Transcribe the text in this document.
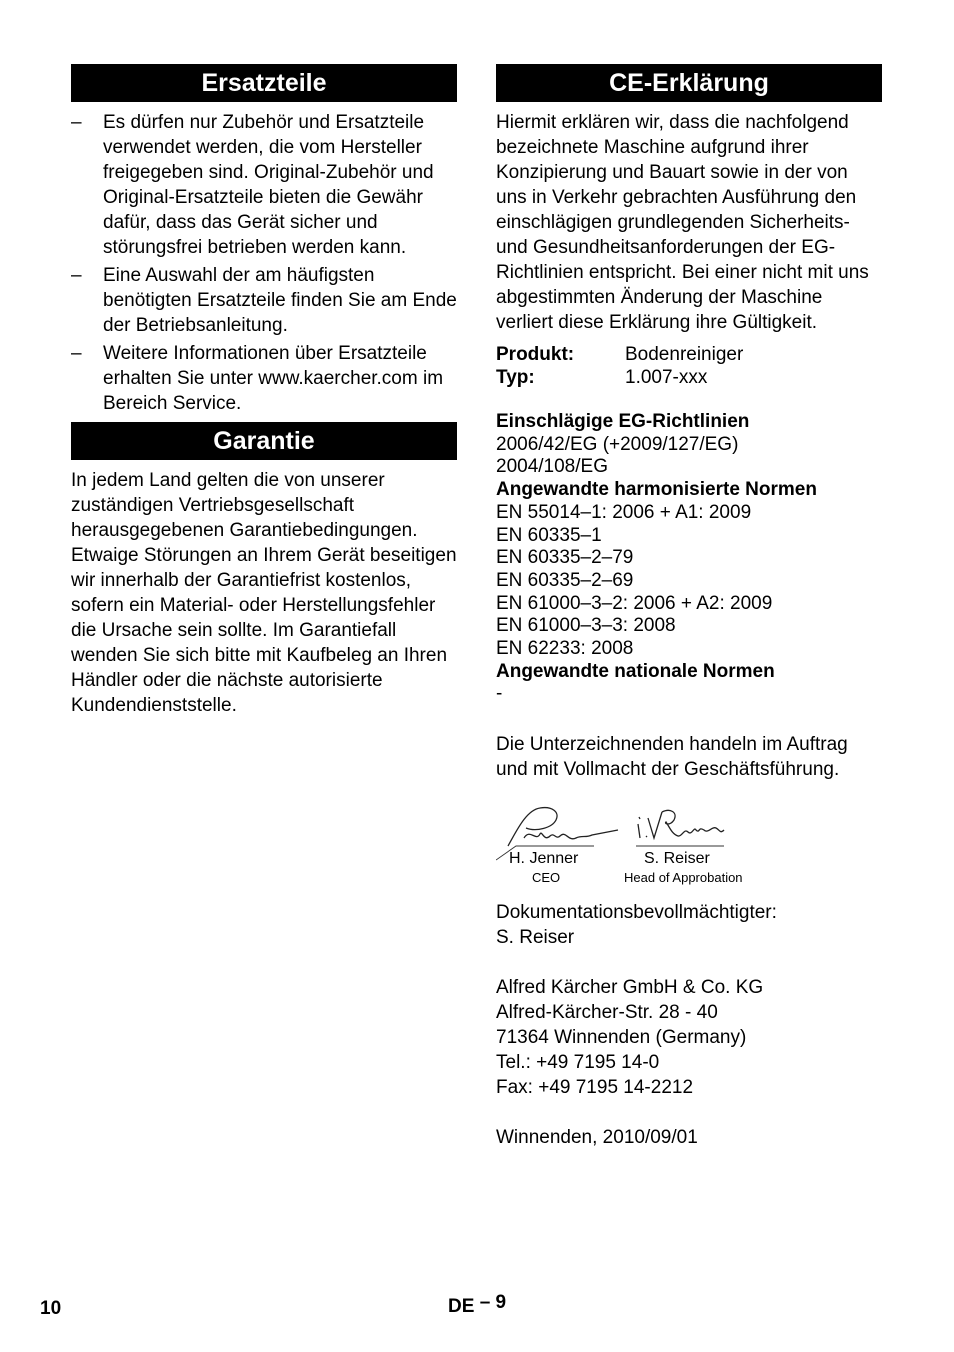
Ersatzteile
– Es dürfen nur Zubehör und Ersatzteile verwendet werden, die vom Hersteller freigegeben sind. Original-Zubehör und Original-Ersatzteile bieten die Gewähr dafür, dass das Gerät sicher und störungsfrei betrieben werden kann.
– Eine Auswahl der am häufigsten benötigten Ersatzteile finden Sie am Ende der Betriebsanleitung.
– Weitere Informationen über Ersatzteile erhalten Sie unter www.kaercher.com im Bereich Service.
Garantie

In jedem Land gelten die von unserer zuständigen Vertriebsgesellschaft herausgegebenen Garantiebedingungen. Etwaige Störungen an Ihrem Gerät beseitigen wir innerhalb der Garantiefrist kostenlos, sofern ein Material- oder Herstellungsfehler die Ursache sein sollte. Im Garantiefall wenden Sie sich bitte mit Kaufbeleg an Ihren Händler oder die nächste autorisierte Kundendienststelle.

CE-Erklärung

Hiermit erklären wir, dass die nachfolgend bezeichnete Maschine aufgrund ihrer Konzipierung und Bauart sowie in der von uns in Verkehr gebrachten Ausführung den einschlägigen grundlegenden Sicherheits- und Gesundheitsanforderungen der EG-Richtlinien entspricht. Bei einer nicht mit uns abgestimmten Änderung der Maschine verliert diese Erklärung ihre Gültigkeit.

Produkt:	Bodenreiniger
Typ:	1.007-xxx
Einschlägige EG-Richtlinien
2006/42/EG (+2009/127/EG)
2004/108/EG
Angewandte harmonisierte Normen
EN 55014–1: 2006 + A1: 2009
EN 60335–1
EN 60335–2–79
EN 60335–2–69
EN 61000–3–2: 2006 + A2: 2009
EN 61000–3–3: 2008
EN 62233: 2008
Angewandte nationale Normen
-

Die Unterzeichnenden handeln im Auftrag und mit Vollmacht der Geschäftsführung.

H. Jenner
CEO
S. Reiser
Head of Approbation

Dokumentationsbevollmächtigter:

S. Reiser

Alfred Kärcher GmbH & Co. KG

Alfred-Kärcher-Str. 28 - 40

71364 Winnenden (Germany)

Tel.: +49 7195 14-0

Fax: +49 7195 14-2212

Winnenden, 2010/09/01

10	DE – 9
